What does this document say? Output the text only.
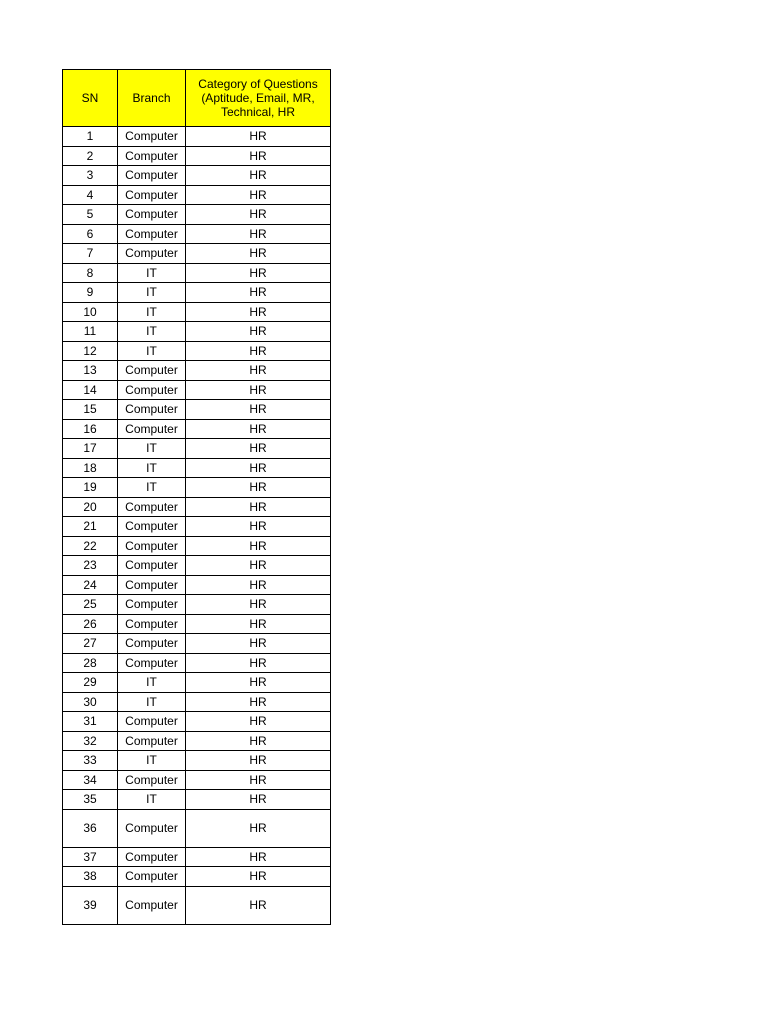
SN	Branch	Category of Questions (Aptitude, Email, MR, Technical, HR
1	Computer	HR
2	Computer	HR
3	Computer	HR
4	Computer	HR
5	Computer	HR
6	Computer	HR
7	Computer	HR
8	IT	HR
9	IT	HR
10	IT	HR
11	IT	HR
12	IT	HR
13	Computer	HR
14	Computer	HR
15	Computer	HR
16	Computer	HR
17	IT	HR
18	IT	HR
19	IT	HR
20	Computer	HR
21	Computer	HR
22	Computer	HR
23	Computer	HR
24	Computer	HR
25	Computer	HR
26	Computer	HR
27	Computer	HR
28	Computer	HR
29	IT	HR
30	IT	HR
31	Computer	HR
32	Computer	HR
33	IT	HR
34	Computer	HR
35	IT	HR
36	Computer	HR
37	Computer	HR
38	Computer	HR
39	Computer	HR
